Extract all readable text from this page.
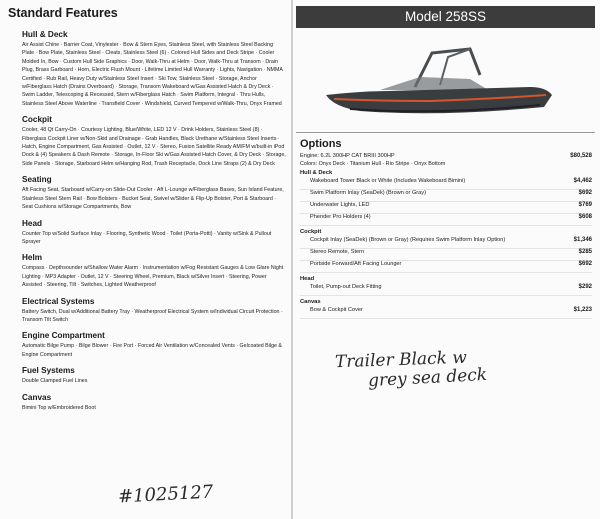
Standard Features
Hull & Deck
Air Assist Chine · Barrier Coat, Vinylester · Bow & Stern Eyes, Stainless Steel, with Stainless Steel Backing Plate · Bow Plate, Stainless Steel · Cleats, Stainless Steel (6) · Colored Hull Sides and Deck Stripe · Cooler Molded In, Bow · Custom Hull Side Graphics · Door, Walk-Thru at Helm · Door, Walk-Thru at Transom · Drain Plug, Brass Garboard · Horn, Electric Flush Mount · Lifetime Limited Hull Warranty · Lights, Navigation · NMMA Certified · Rub Rail, Heavy Duty w/Stainless Steel Insert · Ski Tow, Stainless Steel · Storage, Anchor w/Fiberglass Hatch (Drains Overboard) · Storage, Transom Wakeboard w/Gas Assisted Hatch & Dry Deck · Swim Ladder, Telescoping & Recessed, Stern w/Fiberglass Hatch · Swim Platform, Integral · Thru Hulls, Stainless Steel Above Waterline · Transfield Cover · Windshield, Curved Tempered w/Walk-Thru, Onyx Framed
Cockpit
Cooler, 48 Qt Carry-On · Courtesy Lighting, Blue/White, LED 12 V · Drink Holders, Stainless Steel (8) · Fiberglass Cockpit Liner w/Non-Skid and Drainage · Grab Handles, Black Urethane w/Stainless Steel Inserts · Hatch, Engine Compartment, Gas Assisted · Outlet, 12 V · Stereo, Fusion Satellite Ready AM/FM w/built-in iPod Dock & (4) Speakers & Dash Remote · Storage, In-Floor Ski w/Gas Assisted Hatch Cover, & Dry Deck · Storage, Side Panels · Storage, Starboard Helm w/Hanging Rod, Trash Receptacle, Dock Line Straps (2) & Dry Deck
Seating
Aft Facing Seat, Starboard w/Carry-on Slide-Out Cooler · Aft L-Lounge w/Fiberglass Bases, Sun Island Feature, Stainless Steel Stern Rail · Bow Bolsters · Bucket Seat, Swivel w/Slider & Flip-Up Bolster, Port & Starboard · Seat Cushions w/Storage Compartments, Bow
Head
Counter Top w/Solid Surface Inlay · Flooring, Synthetic Wood · Toilet (Porta-Potti) · Vanity w/Sink & Pullout Sprayer
Helm
Compass · Depthsounder w/Shallow Water Alarm · Instrumentation w/Fog Resistant Gauges & Low Glare Night Lighting · MP3 Adapter · Outlet, 12 V · Steering Wheel, Premium, Black w/Silver Insert · Steering, Power Assisted · Steering, Tilt · Switches, Lighted Weatherproof
Electrical Systems
Battery Switch, Dual w/Additional Battery Tray · Weatherproof Electrical System w/Individual Circuit Protection · Transom Tilt Switch
Engine Compartment
Automatic Bilge Pump · Bilge Blower · Fire Port · Forced Air Ventilation w/Concealed Vents · Gelcoated Bilge & Engine Compartment
Fuel Systems
Double Clamped Fuel Lines
Canvas
Bimini Top w/Embroidered Boot
Model 258SS
Options
Engine: 6.2L 300HP CAT BRIII 300HP	$80,528
Colors: Onyx Deck · Titanium Hull · Rio Stripe · Onyx Bottom
Hull & Deck
Wakeboard Tower Black or White (Includes Wakeboard Bimini)	$4,462
Swim Platform Inlay (SeaDek) (Brown or Gray)	$692
Underwater Lights, LED	$769
Phender Pro Holders (4)	$608
Cockpit
Cockpit Inlay (SeaDek) (Brown or Gray) (Requires Swim Platform Inlay Option)	$1,346
Stereo Remote, Stern	$285
Portside Forward/Aft Facing Lounger	$692
Head
Toilet, Pump-out Deck Fitting	$292
Canvas
Bow & Cockpit Cover	$1,223
Trailer Black w
grey sea deck
#1025127
